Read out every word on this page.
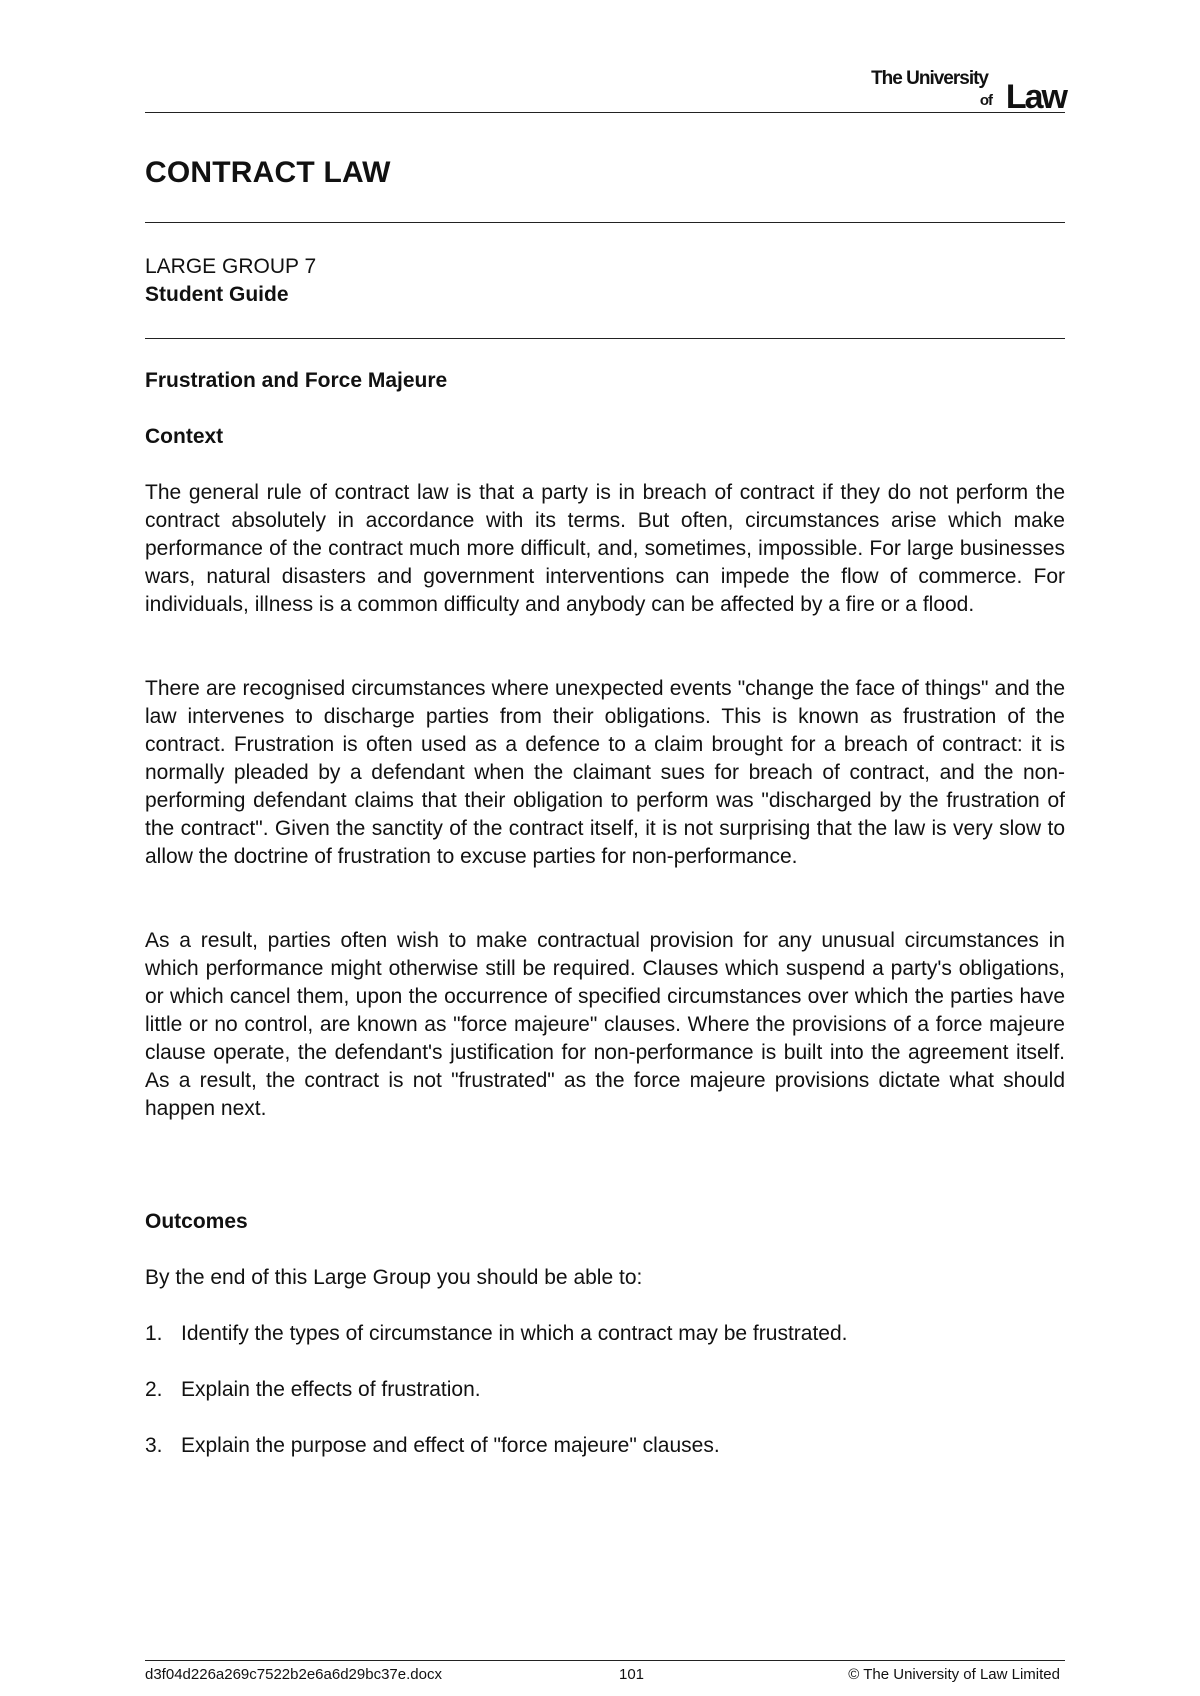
The University
of Law
CONTRACT LAW
LARGE GROUP 7
Student Guide
Frustration and Force Majeure
Context

The general rule of contract law is that a party is in breach of contract if they do not perform the contract absolutely in accordance with its terms. But often, circumstances arise which make performance of the contract much more difficult, and, sometimes, impossible. For large businesses wars, natural disasters and government interventions can impede the flow of commerce. For individuals, illness is a common difficulty and anybody can be affected by a fire or a flood.

There are recognised circumstances where unexpected events "change the face of things" and the law intervenes to discharge parties from their obligations. This is known as frustration of the contract. Frustration is often used as a defence to a claim brought for a breach of contract: it is normally pleaded by a defendant when the claimant sues for breach of contract, and the non-performing defendant claims that their obligation to perform was "discharged by the frustration of the contract". Given the sanctity of the contract itself, it is not surprising that the law is very slow to allow the doctrine of frustration to excuse parties for non-performance.

As a result, parties often wish to make contractual provision for any unusual circumstances in which performance might otherwise still be required. Clauses which suspend a party's obligations, or which cancel them, upon the occurrence of specified circumstances over which the parties have little or no control, are known as "force majeure" clauses. Where the provisions of a force majeure clause operate, the defendant's justification for non-performance is built into the agreement itself. As a result, the contract is not "frustrated" as the force majeure provisions dictate what should happen next.

Outcomes
By the end of this Large Group you should be able to:
1. Identify the types of circumstance in which a contract may be frustrated.
2. Explain the effects of frustration.
3. Explain the purpose and effect of "force majeure" clauses.
d3f04d226a269c7522b2e6a6d29bc37e.docx	101	© The University of Law Limited
